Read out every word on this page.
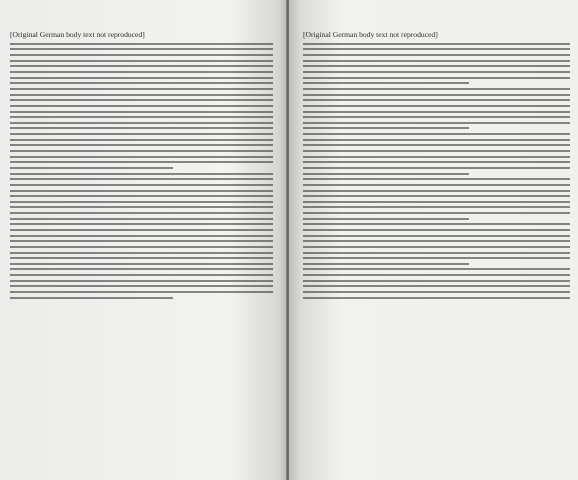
[Original German body text not reproduced]	[Original German body text not reproduced]
